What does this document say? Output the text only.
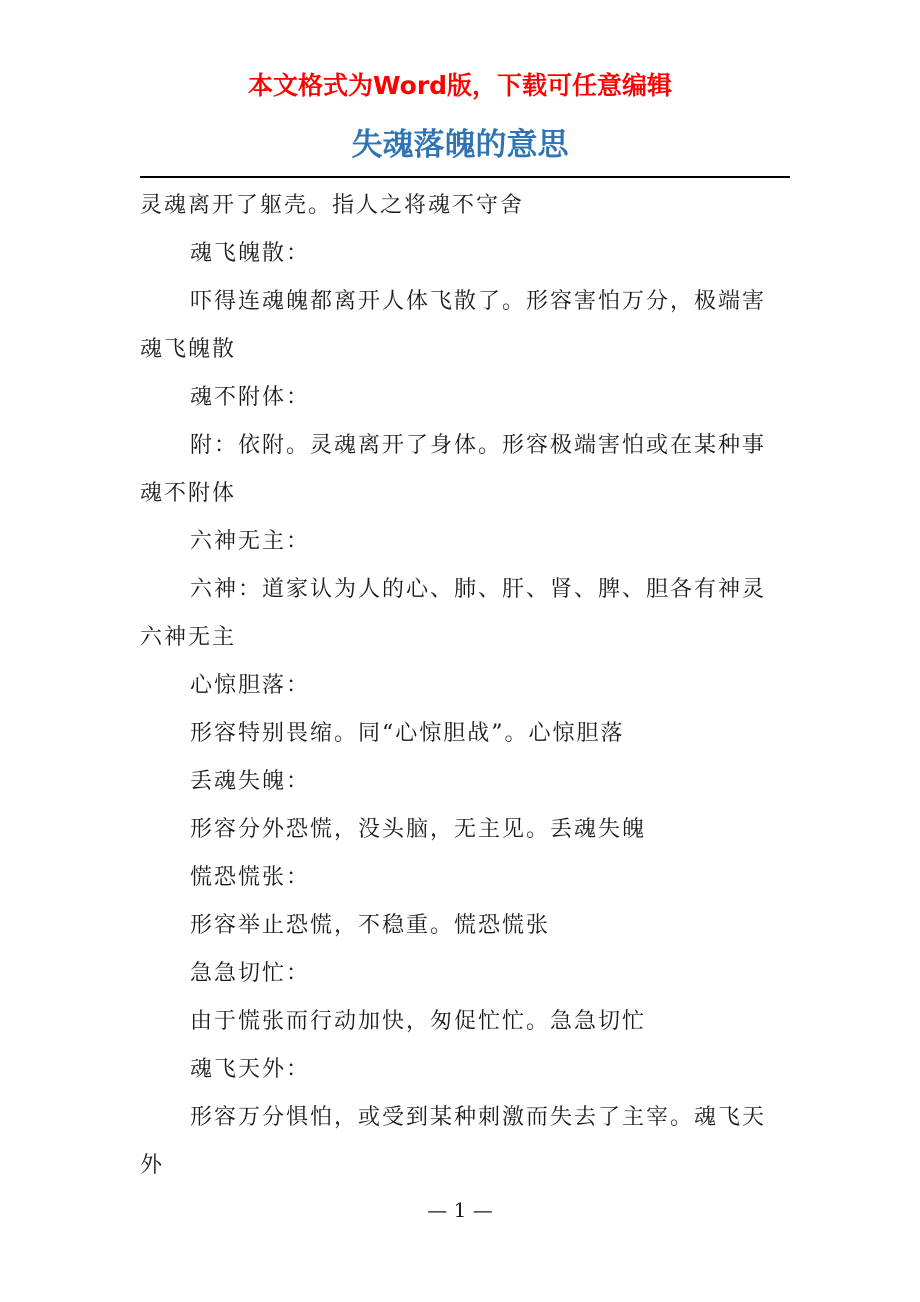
本文格式为Word版，下载可任意编辑
失魂落魄的意思

灵魂离开了躯壳。指人之将魂不守舍

魂飞魄散：

吓得连魂魄都离开人体飞散了。形容害怕万分，极端害

魂飞魄散

魂不附体：

附：依附。灵魂离开了身体。形容极端害怕或在某种事

魂不附体

六神无主：

六神：道家认为人的心、肺、肝、肾、脾、胆各有神灵

六神无主

心惊胆落：

形容特别畏缩。同“心惊胆战”。心惊胆落

丢魂失魄：

形容分外恐慌，没头脑，无主见。丢魂失魄

慌恐慌张：

形容举止恐慌，不稳重。慌恐慌张

急急切忙：

由于慌张而行动加快，匆促忙忙。急急切忙

魂飞天外：

形容万分惧怕，或受到某种刺激而失去了主宰。魂飞天

外

— 1 —
